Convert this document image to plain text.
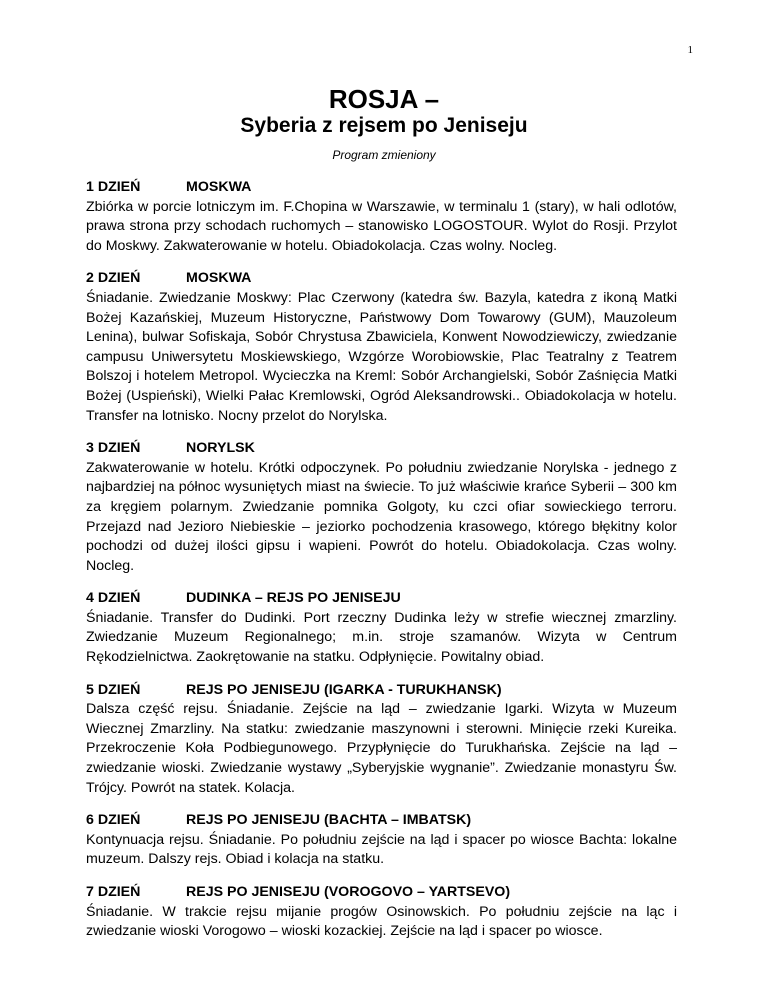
1
ROSJA –
Syberia z rejsem po Jeniseju
Program zmieniony
1 DZIEŃ	MOSKWA

Zbiórka w porcie lotniczym im. F.Chopina w Warszawie, w terminalu 1 (stary), w hali odlotów, prawa strona przy schodach ruchomych – stanowisko LOGOSTOUR. Wylot do Rosji. Przylot do Moskwy. Zakwaterowanie w hotelu. Obiadokolacja. Czas wolny. Nocleg.

2 DZIEŃ	MOSKWA

Śniadanie. Zwiedzanie Moskwy: Plac Czerwony (katedra św. Bazyla, katedra z ikoną Matki Bożej Kazańskiej, Muzeum Historyczne, Państwowy Dom Towarowy (GUM), Mauzoleum Lenina), bulwar Sofiskaja, Sobór Chrystusa Zbawiciela, Konwent Nowodziewiczy, zwiedzanie campusu Uniwersytetu Moskiewskiego, Wzgórze Worobiowskie, Plac Teatralny z Teatrem Bolszoj i hotelem Metropol. Wycieczka na Kreml: Sobór Archangielski, Sobór Zaśnięcia Matki Bożej (Uspieński), Wielki Pałac Kremlowski, Ogród Aleksandrowski.. Obiadokolacja w hotelu. Transfer na lotnisko. Nocny przelot do Norylska.

3 DZIEŃ	NORYLSK

Zakwaterowanie w hotelu. Krótki odpoczynek. Po południu zwiedzanie Norylska - jednego z najbardziej na północ wysuniętych miast na świecie. To już właściwie krańce Syberii – 300 km za kręgiem polarnym. Zwiedzanie pomnika Golgoty, ku czci ofiar sowieckiego terroru. Przejazd nad Jezioro Niebieskie – jeziorko pochodzenia krasowego, którego błękitny kolor pochodzi od dużej ilości gipsu i wapieni. Powrót do hotelu. Obiadokolacja. Czas wolny. Nocleg.

4 DZIEŃ	DUDINKA – REJS PO JENISEJU

Śniadanie. Transfer do Dudinki. Port rzeczny Dudinka leży w strefie wiecznej zmarzliny. Zwiedzanie Muzeum Regionalnego; m.in. stroje szamanów. Wizyta w Centrum Rękodzielnictwa. Zaokrętowanie na statku. Odpłynięcie. Powitalny obiad.

5 DZIEŃ	REJS PO JENISEJU (IGARKA - TURUKHANSK)

Dalsza część rejsu. Śniadanie. Zejście na ląd – zwiedzanie Igarki. Wizyta w Muzeum Wiecznej Zmarzliny. Na statku: zwiedzanie maszynowni i sterowni. Minięcie rzeki Kureika. Przekroczenie Koła Podbiegunowego. Przypłynięcie do Turukhańska. Zejście na ląd – zwiedzanie wioski. Zwiedzanie wystawy „Syberyjskie wygnanie”. Zwiedzanie monastyru Św. Trójcy. Powrót na statek. Kolacja.

6 DZIEŃ	REJS PO JENISEJU (BACHTA – IMBATSK)

Kontynuacja rejsu. Śniadanie. Po południu zejście na ląd i spacer po wiosce Bachta: lokalne muzeum. Dalszy rejs. Obiad i kolacja na statku.

7 DZIEŃ	REJS PO JENISEJU (VOROGOVO – YARTSEVO)

Śniadanie. W trakcie rejsu mijanie progów Osinowskich. Po południu zejście na ląc i zwiedzanie wioski Vorogowo – wioski kozackiej. Zejście na ląd i spacer po wiosce.
